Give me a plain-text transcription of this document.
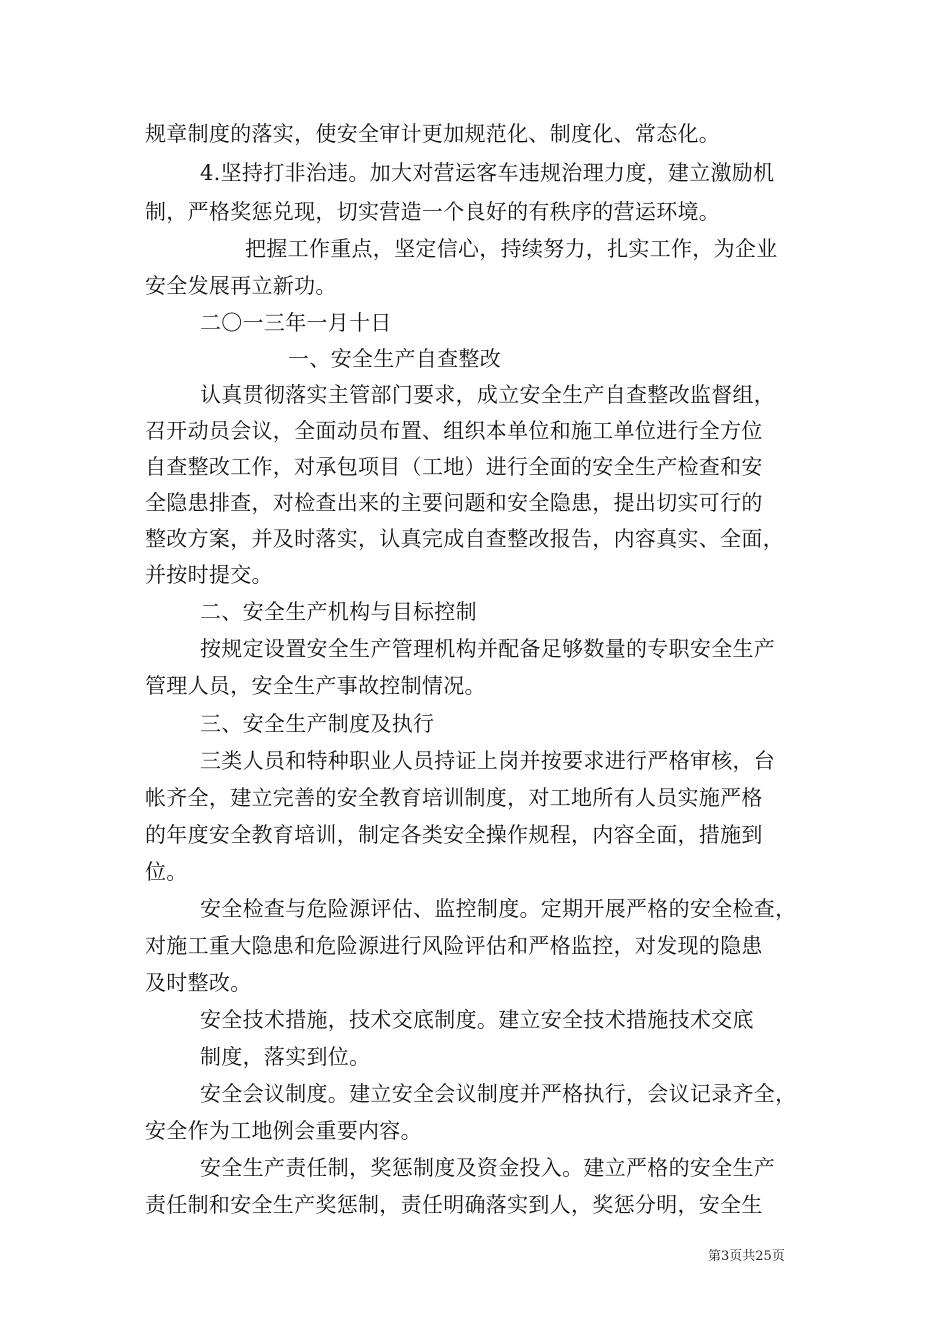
规章制度的落实，使安全审计更加规范化、制度化、常态化。
4.坚持打非治违。加大对营运客车违规治理力度，建立激励机
制，严格奖惩兑现，切实营造一个良好的有秩序的营运环境。
把握工作重点，坚定信心，持续努力，扎实工作，为企业
安全发展再立新功。
二〇一三年一月十日
一、安全生产自查整改
认真贯彻落实主管部门要求，成立安全生产自查整改监督组，
召开动员会议，全面动员布置、组织本单位和施工单位进行全方位
自查整改工作，对承包项目（工地）进行全面的安全生产检查和安
全隐患排查，对检查出来的主要问题和安全隐患，提出切实可行的
整改方案，并及时落实，认真完成自查整改报告，内容真实、全面，
并按时提交。
二、安全生产机构与目标控制
按规定设置安全生产管理机构并配备足够数量的专职安全生产
管理人员，安全生产事故控制情况。
三、安全生产制度及执行
三类人员和特种职业人员持证上岗并按要求进行严格审核，台
帐齐全，建立完善的安全教育培训制度，对工地所有人员实施严格
的年度安全教育培训，制定各类安全操作规程，内容全面，措施到
位。
安全检查与危险源评估、监控制度。定期开展严格的安全检查，
对施工重大隐患和危险源进行风险评估和严格监控，对发现的隐患
及时整改。
安全技术措施，技术交底制度。建立安全技术措施技术交底
制度，落实到位。
安全会议制度。建立安全会议制度并严格执行，会议记录齐全，
安全作为工地例会重要内容。
安全生产责任制，奖惩制度及资金投入。建立严格的安全生产
责任制和安全生产奖惩制，责任明确落实到人，奖惩分明，安全生
第3页共25页
